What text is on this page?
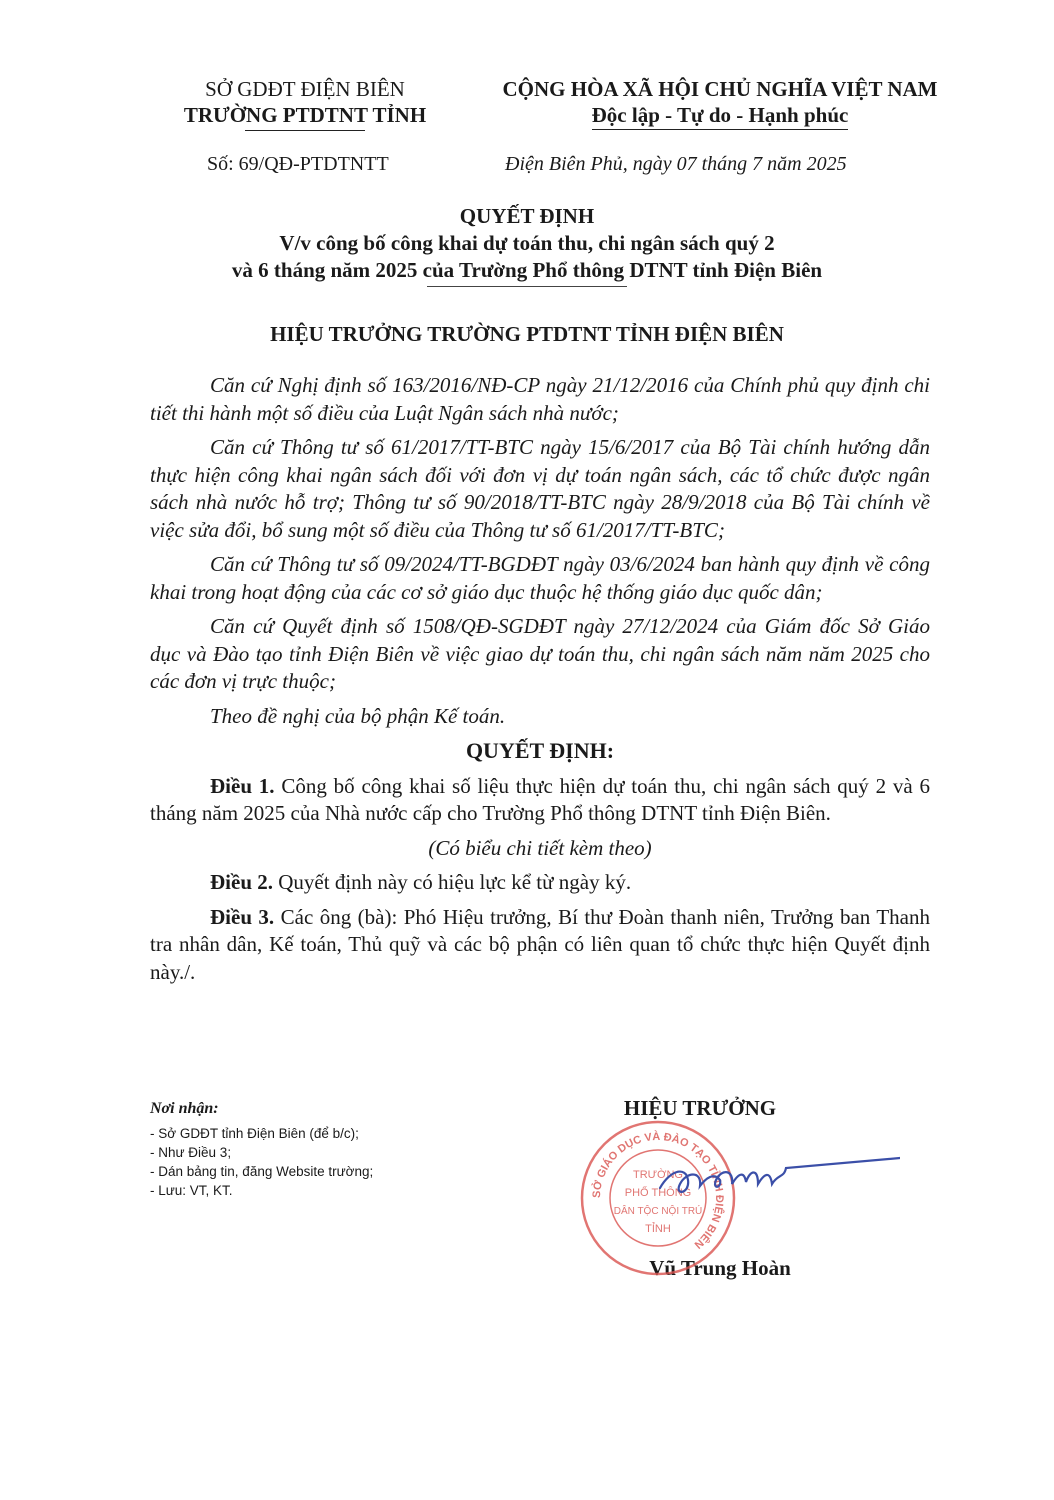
SỞ GDĐT ĐIỆN BIÊN
TRƯỜNG PTDTNT TỈNH
CỘNG HÒA XÃ HỘI CHỦ NGHĨA VIỆT NAM
Độc lập - Tự do - Hạnh phúc
Số: 69/QĐ-PTDTNTT	Điện Biên Phủ, ngày 07 tháng 7 năm 2025
QUYẾT ĐỊNH
V/v công bố công khai dự toán thu, chi ngân sách quý 2
và 6 tháng năm 2025 của Trường Phổ thông DTNT tỉnh Điện Biên
HIỆU TRƯỞNG TRƯỜNG PTDTNT TỈNH ĐIỆN BIÊN

Căn cứ Nghị định số 163/2016/NĐ-CP ngày 21/12/2016 của Chính phủ quy định chi tiết thi hành một số điều của Luật Ngân sách nhà nước;

Căn cứ Thông tư số 61/2017/TT-BTC ngày 15/6/2017 của Bộ Tài chính hướng dẫn thực hiện công khai ngân sách đối với đơn vị dự toán ngân sách, các tổ chức được ngân sách nhà nước hỗ trợ; Thông tư số 90/2018/TT-BTC ngày 28/9/2018 của Bộ Tài chính về việc sửa đổi, bổ sung một số điều của Thông tư số 61/2017/TT-BTC;

Căn cứ Thông tư số 09/2024/TT-BGDĐT ngày 03/6/2024 ban hành quy định về công khai trong hoạt động của các cơ sở giáo dục thuộc hệ thống giáo dục quốc dân;

Căn cứ Quyết định số 1508/QĐ-SGDĐT ngày 27/12/2024 của Giám đốc Sở Giáo dục và Đào tạo tỉnh Điện Biên về việc giao dự toán thu, chi ngân sách năm năm 2025 cho các đơn vị trực thuộc;

Theo đề nghị của bộ phận Kế toán.

QUYẾT ĐỊNH:

Điều 1. Công bố công khai số liệu thực hiện dự toán thu, chi ngân sách quý 2 và 6 tháng năm 2025 của Nhà nước cấp cho Trường Phổ thông DTNT tỉnh Điện Biên.

(Có biểu chi tiết kèm theo)

Điều 2. Quyết định này có hiệu lực kể từ ngày ký.

Điều 3. Các ông (bà): Phó Hiệu trưởng, Bí thư Đoàn thanh niên, Trưởng ban Thanh tra nhân dân, Kế toán, Thủ quỹ và các bộ phận có liên quan tổ chức thực hiện Quyết định này./.

Nơi nhận:
- Sở GDĐT tỉnh Điện Biên (để b/c);
- Như Điều 3;
- Dán bảng tin, đăng Website trường;
- Lưu: VT, KT.
HIỆU TRƯỞNG
Vũ Trung Hoàn
SỞ GIÁO DỤC VÀ ĐÀO TẠO TỈNH ĐIỆN BIÊN
TRƯỜNG
PHỔ THÔNG
DÂN TỘC NỘI TRÚ
TỈNH
